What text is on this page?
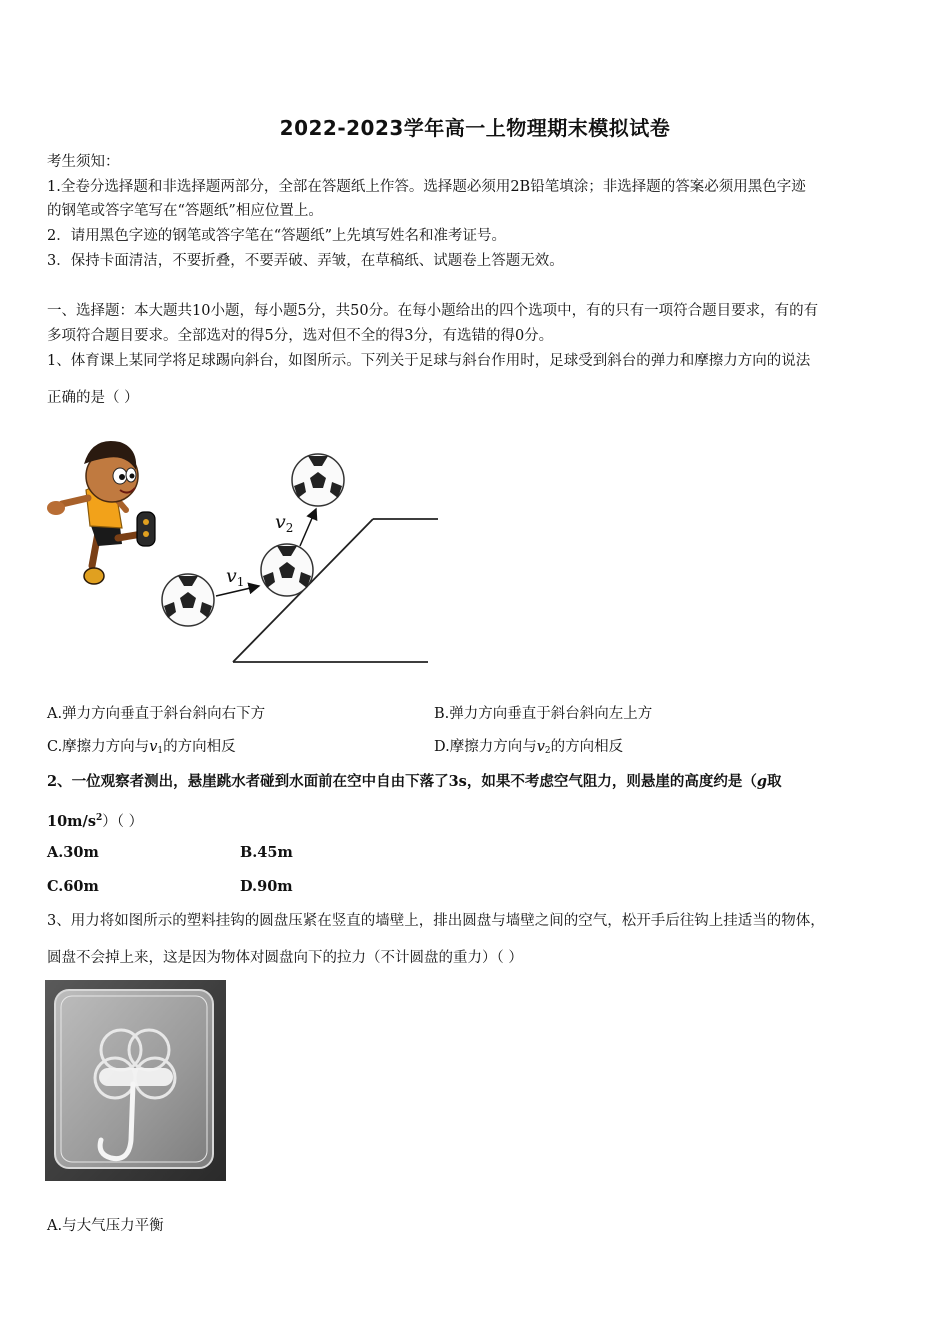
2022-2023学年高一上物理期末模拟试卷
考生须知：
1.全卷分选择题和非选择题两部分，全部在答题纸上作答。选择题必须用2B铅笔填涂；非选择题的答案必须用黑色字迹
的钢笔或答字笔写在“答题纸”相应位置上。
2．请用黑色字迹的钢笔或答字笔在“答题纸”上先填写姓名和准考证号。
3．保持卡面清洁，不要折叠，不要弄破、弄皱，在草稿纸、试题卷上答题无效。
一、选择题：本大题共10小题，每小题5分，共50分。在每小题给出的四个选项中，有的只有一项符合题目要求，有的有
多项符合题目要求。全部选对的得5分，选对但不全的得3分，有选错的得0分。
1、体育课上某同学将足球踢向斜台，如图所示。下列关于足球与斜台作用时，足球受到斜台的弹力和摩擦力方向的说法
正确的是（ ）
$v_1$
$v_2$
A.弹力方向垂直于斜台斜向右下方	B.弹力方向垂直于斜台斜向左上方
C.摩擦力方向与$v_1$的方向相反	D.摩擦力方向与$v_2$的方向相反
2、一位观察者测出，悬崖跳水者碰到水面前在空中自由下落了3s，如果不考虑空气阻力，则悬崖的高度约是（g取
$10m/s^2$）（ ）
A.30m	B.45m
C.60m	D.90m
3、用力将如图所示的塑料挂钩的圆盘压紧在竖直的墙壁上，排出圆盘与墙壁之间的空气，松开手后往钩上挂适当的物体，
圆盘不会掉上来，这是因为物体对圆盘向下的拉力（不计圆盘的重力）（ ）
A.与大气压力平衡
